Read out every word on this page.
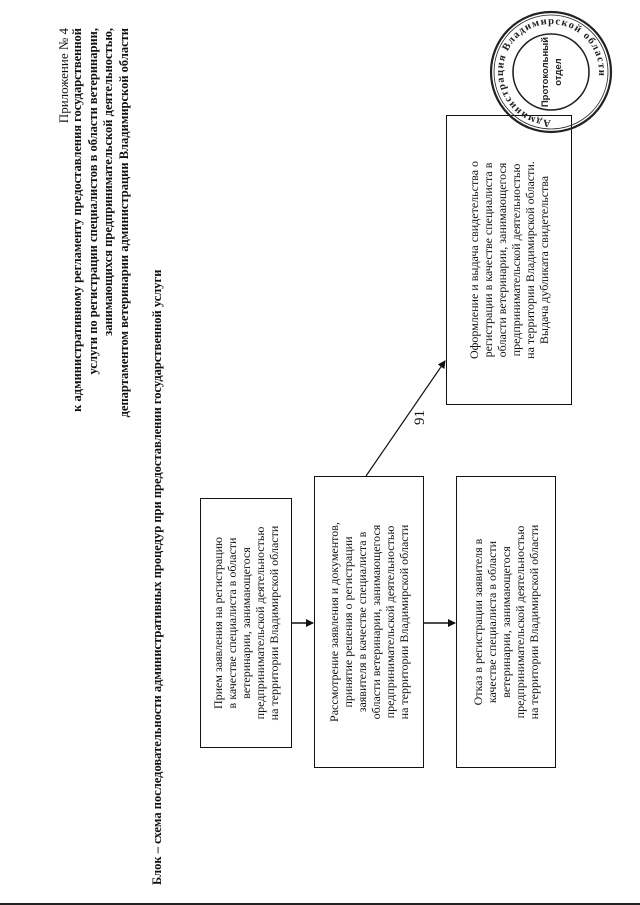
91
Приложение № 4 к административному регламенту предоставления государственной услуги по регистрации специалистов в области ветеринарии, занимающихся предпринимательской деятельностью, департаментом ветеринарии администрации Владимирской области
Блок – схема последовательности административных процедур при предоставлении государственной услуги	Прием заявления на регистрацию
в качестве специалиста в области
ветеринарии, занимающегося
предпринимательской деятельностью
на территории Владимирской области
Рассмотрение заявления и документов,
принятие решения о регистрации
заявителя в качестве специалиста в
области ветеринарии, занимающегося
предпринимательской деятельностью
на территории Владимирской области
Отказ в регистрации заявителя в
качестве специалиста в области
ветеринарии, занимающегося
предпринимательской деятельностью
на территории Владимирской области
Оформление и выдача свидетельства о
регистрации в качестве специалиста в
области ветеринарии, занимающегося
предпринимательской деятельностью
на территории Владимирской области.
Выдача дубликата свидетельства
Администрация Владимирской области
Протокольный отдел
